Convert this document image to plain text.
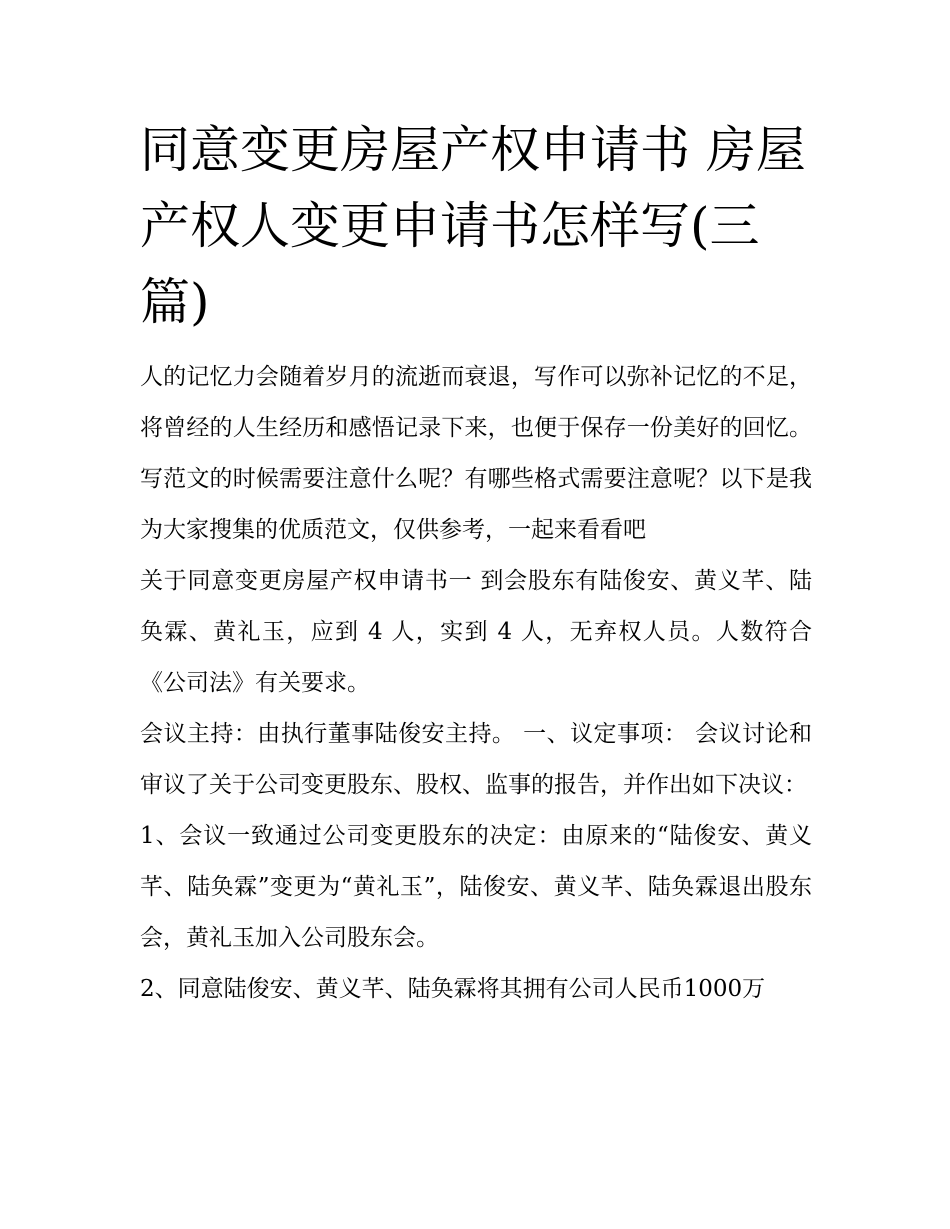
同意变更房屋产权申请书 房屋产权人变更申请书怎样写(三篇)

人的记忆力会随着岁月的流逝而衰退，写作可以弥补记忆的不足，将曾经的人生经历和感悟记录下来，也便于保存一份美好的回忆。写范文的时候需要注意什么呢？有哪些格式需要注意呢？以下是我为大家搜集的优质范文，仅供参考，一起来看看吧

关于同意变更房屋产权申请书一 到会股东有陆俊安、黄义芊、陆奂霖、黄礼玉，应到 4 人，实到 4 人，无弃权人员。人数符合《公司法》有关要求。

会议主持：由执行董事陆俊安主持。 一、议定事项： 会议讨论和审议了关于公司变更股东、股权、监事的报告，并作出如下决议：

1、会议一致通过公司变更股东的决定：由原来的“陆俊安、黄义芊、陆奂霖”变更为“黄礼玉”，陆俊安、黄义芊、陆奂霖退出股东会，黄礼玉加入公司股东会。

2、同意陆俊安、黄义芊、陆奂霖将其拥有公司人民币1000万
